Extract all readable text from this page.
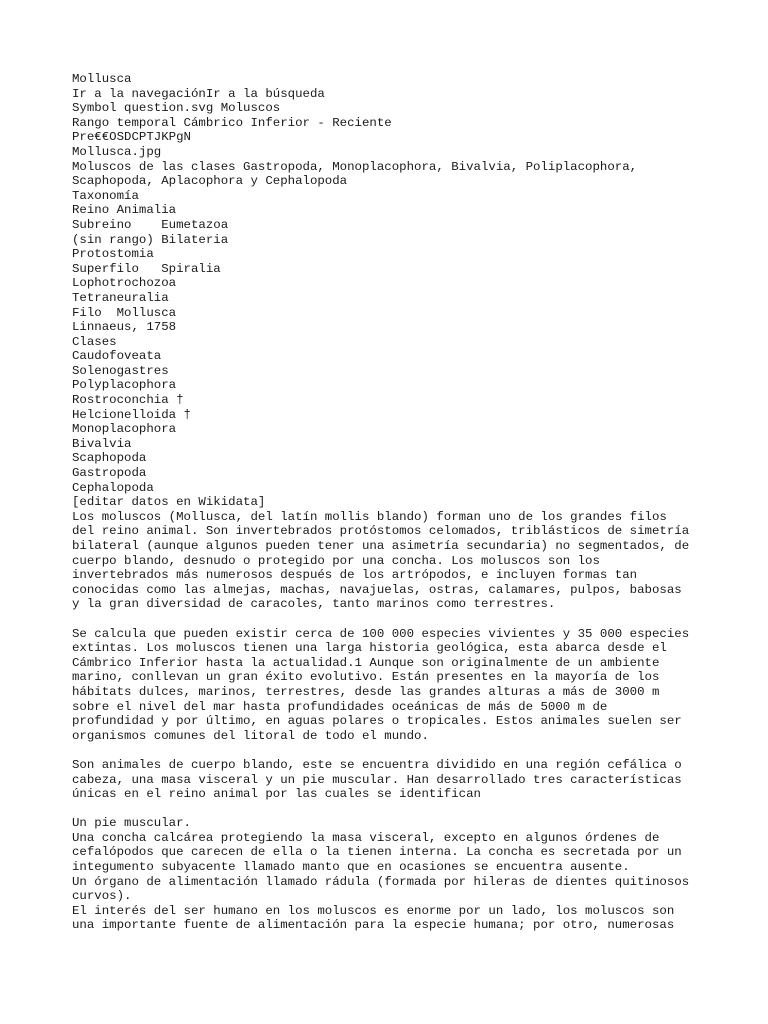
Mollusca
Ir a la navegaciónIr a la búsqueda
Symbol question.svg Moluscos
Rango temporal Cámbrico Inferior - Reciente
Pre€€OSDCPTJKPgN
Mollusca.jpg
Moluscos de las clases Gastropoda, Monoplacophora, Bivalvia, Poliplacophora,
Scaphopoda, Aplacophora y Cephalopoda
Taxonomía
Reino Animalia
Subreino    Eumetazoa
(sin rango) Bilateria
Protostomia
Superfilo   Spiralia
Lophotrochozoa
Tetraneuralia
Filo  Mollusca
Linnaeus, 1758
Clases
Caudofoveata
Solenogastres
Polyplacophora
Rostroconchia †
Helcionelloida †
Monoplacophora
Bivalvia
Scaphopoda
Gastropoda
Cephalopoda
[editar datos en Wikidata]
Los moluscos (Mollusca, del latín mollis blando) forman uno de los grandes filos
del reino animal. Son invertebrados protóstomos celomados, triblásticos de simetría
bilateral (aunque algunos pueden tener una asimetría secundaria) no segmentados, de
cuerpo blando, desnudo o protegido por una concha. Los moluscos son los
invertebrados más numerosos después de los artrópodos, e incluyen formas tan
conocidas como las almejas, machas, navajuelas, ostras, calamares, pulpos, babosas
y la gran diversidad de caracoles, tanto marinos como terrestres.
Se calcula que pueden existir cerca de 100 000 especies vivientes y 35 000 especies
extintas. Los moluscos tienen una larga historia geológica, esta abarca desde el
Cámbrico Inferior hasta la actualidad.1 Aunque son originalmente de un ambiente
marino, conllevan un gran éxito evolutivo. Están presentes en la mayoría de los
hábitats dulces, marinos, terrestres, desde las grandes alturas a más de 3000 m
sobre el nivel del mar hasta profundidades oceánicas de más de 5000 m de
profundidad y por último, en aguas polares o tropicales. Estos animales suelen ser
organismos comunes del litoral de todo el mundo.
Son animales de cuerpo blando, este se encuentra dividido en una región cefálica o
cabeza, una masa visceral y un pie muscular. Han desarrollado tres características
únicas en el reino animal por las cuales se identifican
Un pie muscular.
Una concha calcárea protegiendo la masa visceral, excepto en algunos órdenes de
cefalópodos que carecen de ella o la tienen interna. La concha es secretada por un
integumento subyacente llamado manto que en ocasiones se encuentra ausente.
Un órgano de alimentación llamado rádula (formada por hileras de dientes quitinosos
curvos).
El interés del ser humano en los moluscos es enorme por un lado, los moluscos son
una importante fuente de alimentación para la especie humana; por otro, numerosas
